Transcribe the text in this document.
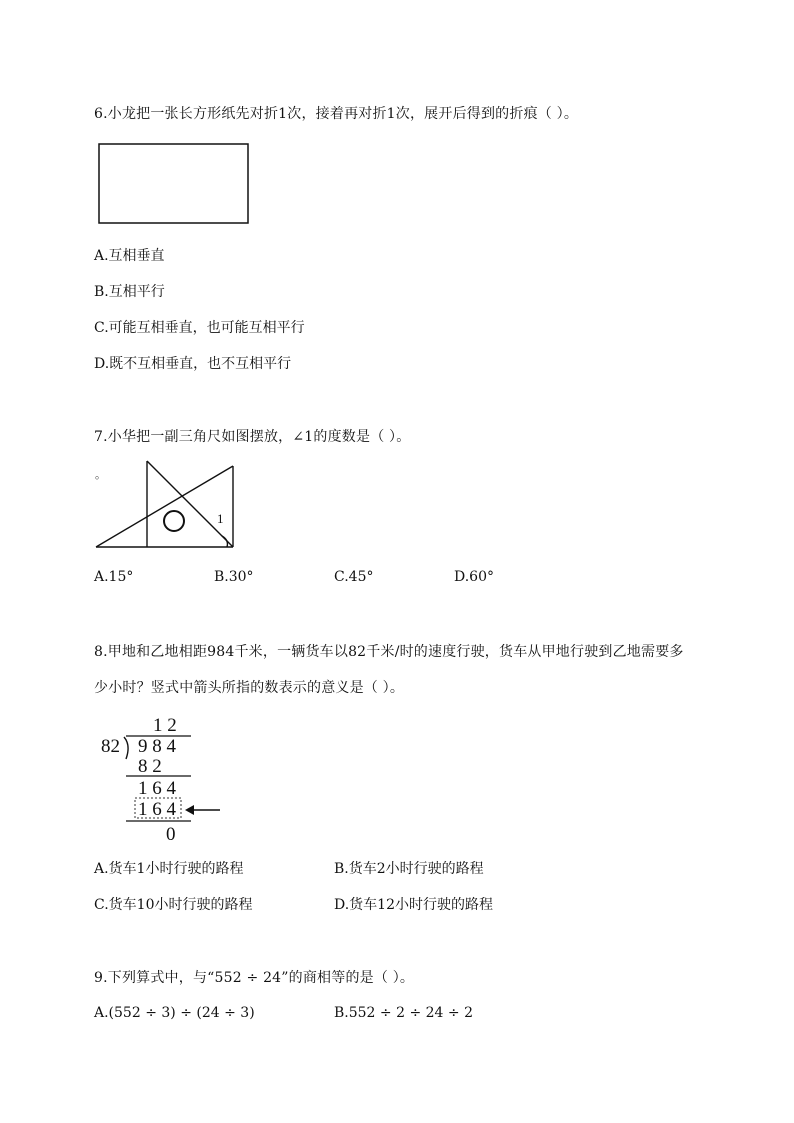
6.小龙把一张长方形纸先对折1次，接着再对折1次，展开后得到的折痕（ ）。
A.互相垂直
B.互相平行
C.可能互相垂直，也可能互相平行
D.既不互相垂直，也不互相平行
7.小华把一副三角尺如图摆放，∠1的度数是（ ）。
。
1
A.15°	B.30°	C.45°	D.60°
8.甲地和乙地相距984千米，一辆货车以82千米/时的速度行驶，货车从甲地行驶到乙地需要多
少小时？竖式中箭头所指的数表示的意义是（ ）。
1 2
82 9 8 4
8 2
1 6 4
1 6 4
0
A.货车1小时行驶的路程	B.货车2小时行驶的路程
C.货车10小时行驶的路程	D.货车12小时行驶的路程
9.下列算式中，与“552 ÷ 24”的商相等的是（ ）。
A.(552 ÷ 3) ÷ (24 ÷ 3)	B.552 ÷ 2 ÷ 24 ÷ 2
